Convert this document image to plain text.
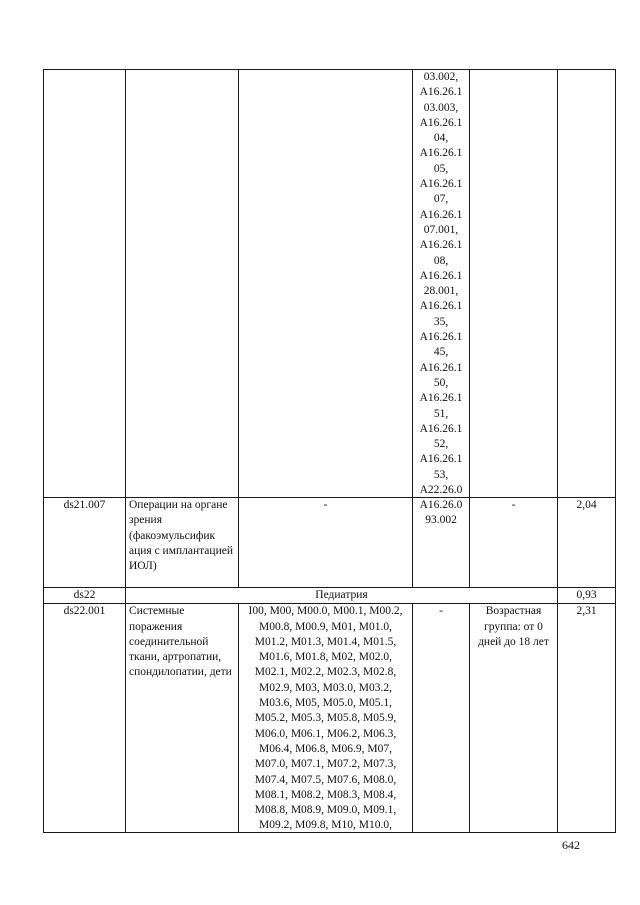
			03.002, А16.26.1 03.003, А16.26.1 04, А16.26.1 05, А16.26.1 07, А16.26.1 07.001, А16.26.1 08, А16.26.1 28.001, А16.26.1 35, А16.26.1 45, А16.26.1 50, А16.26.1 51, А16.26.1 52, А16.26.1 53, А22.26.0		

ds21.007	Операции на органе зрения (факоэмульсифик ация с имплантацией ИОЛ)	-	А16.26.0 93.002	-	2,04
ds22	Педиатрия				0,93
ds22.001	Системные поражения соединительной ткани, артропатии, спондилопатии, дети	I00, M00, M00.0, M00.1, M00.2, M00.8, M00.9, M01, M01.0, M01.2, M01.3, M01.4, M01.5, M01.6, M01.8, M02, M02.0, M02.1, M02.2, M02.3, M02.8, M02.9, M03, M03.0, M03.2, M03.6, M05, M05.0, M05.1, M05.2, M05.3, M05.8, M05.9, M06.0, M06.1, M06.2, M06.3, M06.4, M06.8, M06.9, M07, M07.0, M07.1, M07.2, M07.3, M07.4, M07.5, M07.6, M08.0, M08.1, M08.2, M08.3, M08.4, M08.8, M08.9, M09.0, M09.1, M09.2, M09.8, M10, M10.0,	-	Возрастная группа: от 0 дней до 18 лет	2,31
642
